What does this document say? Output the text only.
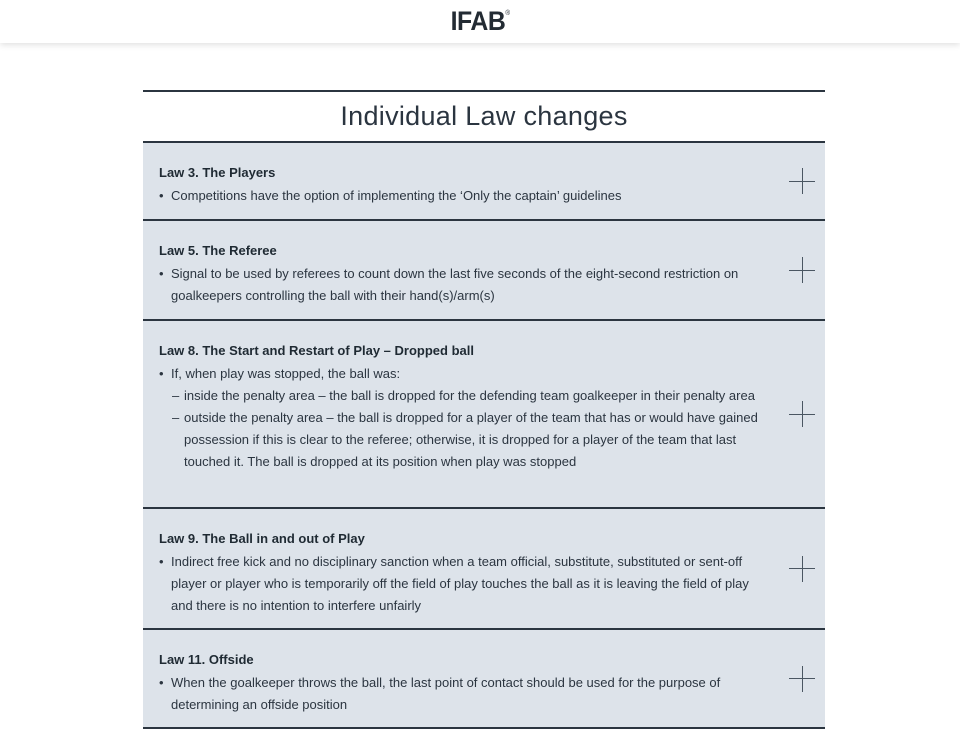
IFAB®
Individual Law changes
Law 3. The Players
• Competitions have the option of implementing the ‘Only the captain’ guidelines
Law 5. The Referee
• Signal to be used by referees to count down the last five seconds of the eight-second restriction on goalkeepers controlling the ball with their hand(s)/arm(s)
Law 8. The Start and Restart of Play – Dropped ball
• If, when play was stopped, the ball was:
– inside the penalty area – the ball is dropped for the defending team goalkeeper in their penalty area
– outside the penalty area – the ball is dropped for a player of the team that has or would have gained possession if this is clear to the referee; otherwise, it is dropped for a player of the team that last touched it. The ball is dropped at its position when play was stopped
Law 9. The Ball in and out of Play
• Indirect free kick and no disciplinary sanction when a team official, substitute, substituted or sent-off player or player who is temporarily off the field of play touches the ball as it is leaving the field of play and there is no intention to interfere unfairly
Law 11. Offside
• When the goalkeeper throws the ball, the last point of contact should be used for the purpose of determining an offside position
